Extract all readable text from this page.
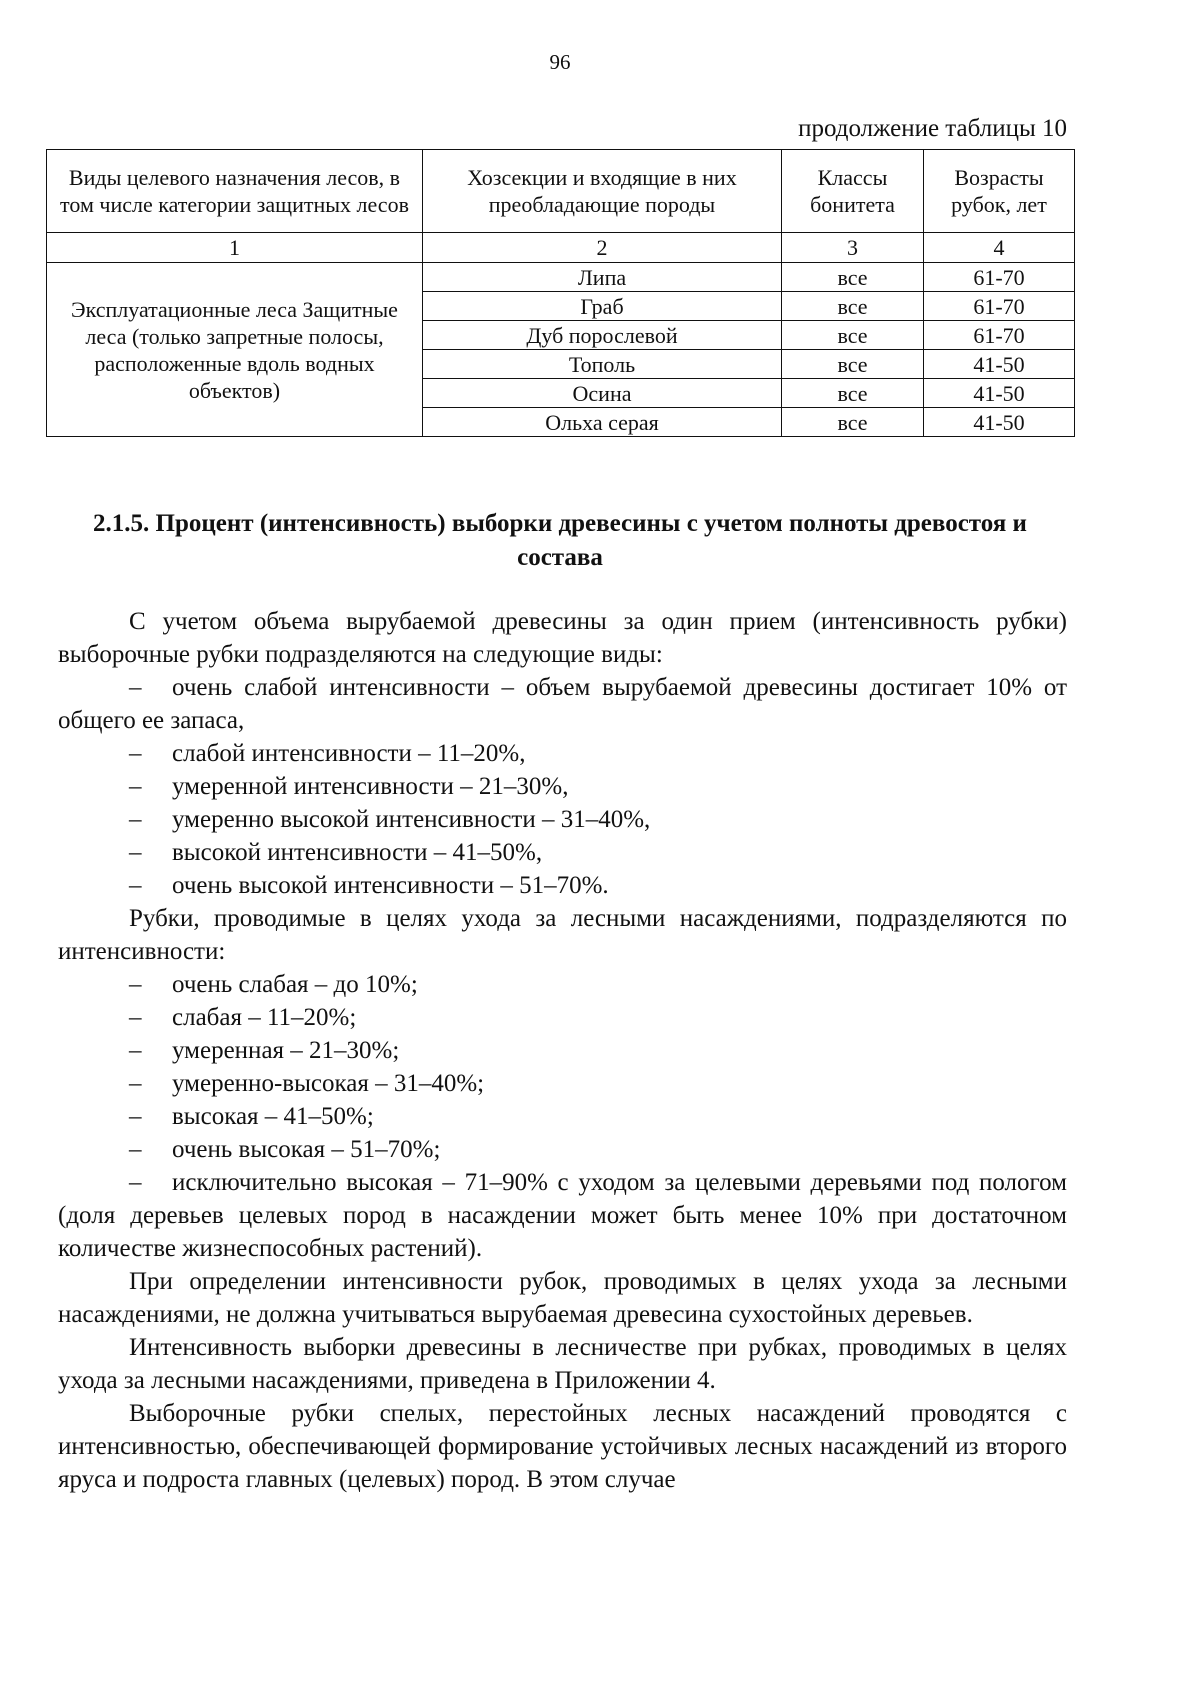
96
продолжение таблицы 10
Виды целевого назначения лесов, в том числе категории защитных лесов	Хозсекции и входящие в них преобладающие породы	Классы бонитета	Возрасты рубок, лет
1	2	3	4
Эксплуатационные леса Защитные леса (только запретные полосы, расположенные вдоль водных объектов)	Липа	все	61-70
	Граб	все	61-70
	Дуб порослевой	все	61-70
	Тополь	все	41-50
	Осина	все	41-50
	Ольха серая	все	41-50
2.1.5. Процент (интенсивность) выборки древесины с учетом полноты древостоя и состава

С учетом объема вырубаемой древесины за один прием (интенсивность рубки) выборочные рубки подразделяются на следующие виды:

– очень слабой интенсивности – объем вырубаемой древесины достигает 10% от общего ее запаса,

– слабой интенсивности – 11–20%,

– умеренной интенсивности – 21–30%,

– умеренно высокой интенсивности – 31–40%,

– высокой интенсивности – 41–50%,

– очень высокой интенсивности – 51–70%.

Рубки, проводимые в целях ухода за лесными насаждениями, подразделяются по интенсивности:

– очень слабая – до 10%;

– слабая – 11–20%;

– умеренная – 21–30%;

– умеренно-высокая – 31–40%;

– высокая – 41–50%;

– очень высокая – 51–70%;

– исключительно высокая – 71–90% с уходом за целевыми деревьями под пологом (доля деревьев целевых пород в насаждении может быть менее 10% при достаточном количестве жизнеспособных растений).

При определении интенсивности рубок, проводимых в целях ухода за лесными насаждениями, не должна учитываться вырубаемая древесина сухостойных деревьев.

Интенсивность выборки древесины в лесничестве при рубках, проводимых в целях ухода за лесными насаждениями, приведена в Приложении 4.

Выборочные рубки спелых, перестойных лесных насаждений проводятся с интенсивностью, обеспечивающей формирование устойчивых лесных насаждений из второго яруса и подроста главных (целевых) пород. В этом случае
